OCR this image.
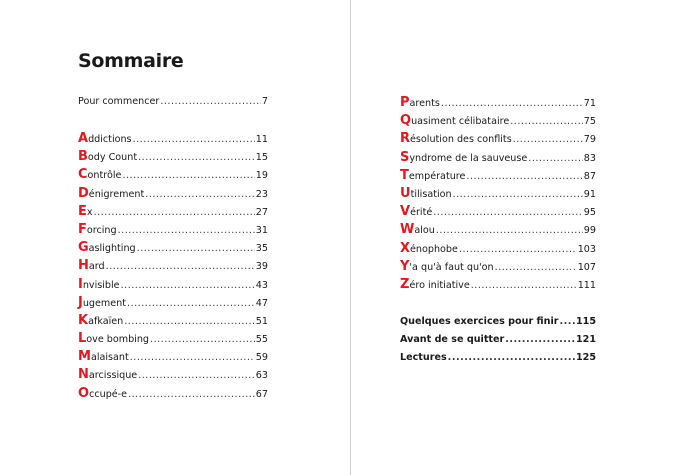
Sommaire
Pour commencer .....	7
Addictions .....	11
Body Count .....	15
Contrôle .....	19
Dénigrement .....	23
Ex .....	27
Forcing .....	31
Gaslighting .....	35
Hard .....	39
Invisible .....	43
Jugement .....	47
Kafkaïen .....	51
Love bombing .....	55
Malaisant .....	59
Narcissique .....	63
Occupé-e .....	67
Parents .....	71
Quasiment célibataire .....	75
Résolution des conflits .....	79
Syndrome de la sauveuse .....	83
Température .....	87
Utilisation .....	91
Vérité .....	95
Walou .....	99
Xénophobe .....	103
Y'a qu'à faut qu'on .....	107
Zéro initiative .....	111
Quelques exercices pour finir ..... 115
Avant de se quitter .....	121
Lectures .....	125
